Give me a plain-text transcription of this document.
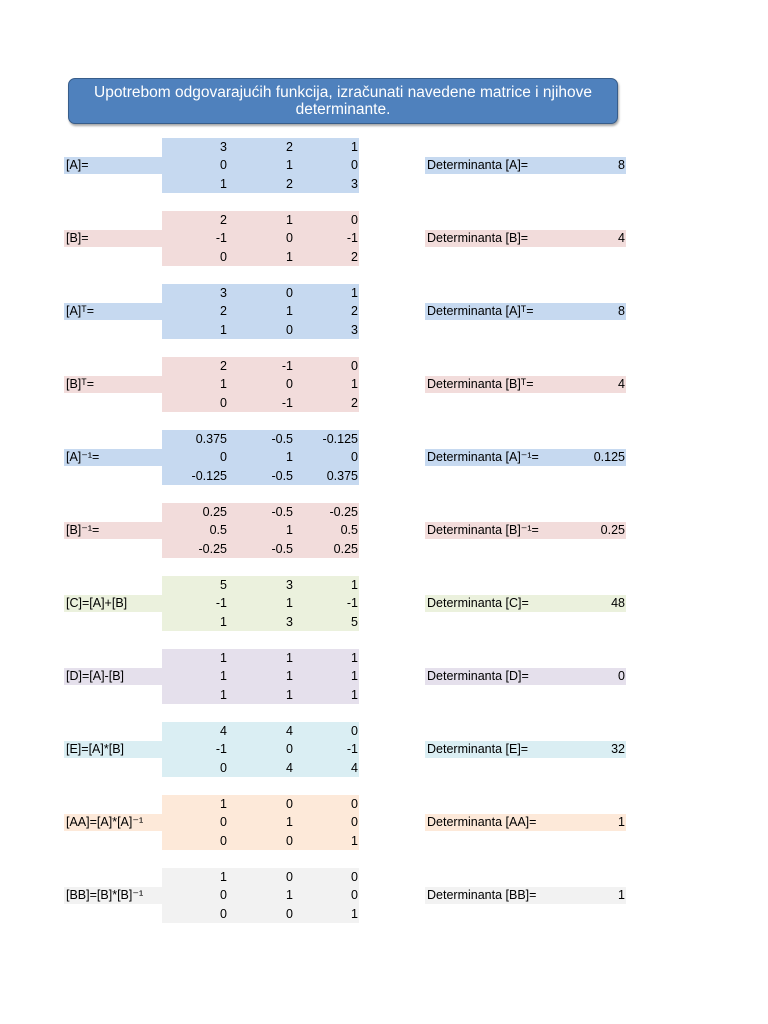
Upotrebom odgovarajućih funkcija, izračunati navedene matrice i njihove determinante.
[A]=
3	2	1
0	1	0
1	2	3
Determinanta [A]=	8
[B]=
2	1	0
-1	0	-1
0	1	2
Determinanta [B]=	4
[A]ᵀ=
3	0	1
2	1	2
1	0	3
Determinanta [A]ᵀ=	8
[B]ᵀ=
2	-1	0
1	0	1
0	-1	2
Determinanta [B]ᵀ=	4
[A]⁻¹=
0.375	-0.5	-0.125
0	1	0
-0.125	-0.5	0.375
Determinanta [A]⁻¹=	0.125
[B]⁻¹=
0.25	-0.5	-0.25
0.5	1	0.5
-0.25	-0.5	0.25
Determinanta [B]⁻¹=	0.25
[C]=[A]+[B]
5	3	1
-1	1	-1
1	3	5
Determinanta [C]=	48
[D]=[A]-[B]
1	1	1
1	1	1
1	1	1
Determinanta [D]=	0
[E]=[A]*[B]
4	4	0
-1	0	-1
0	4	4
Determinanta [E]=	32
[AA]=[A]*[A]⁻¹
1	0	0
0	1	0
0	0	1
Determinanta [AA]=	1
[BB]=[B]*[B]⁻¹
1	0	0
0	1	0
0	0	1
Determinanta [BB]=	1
